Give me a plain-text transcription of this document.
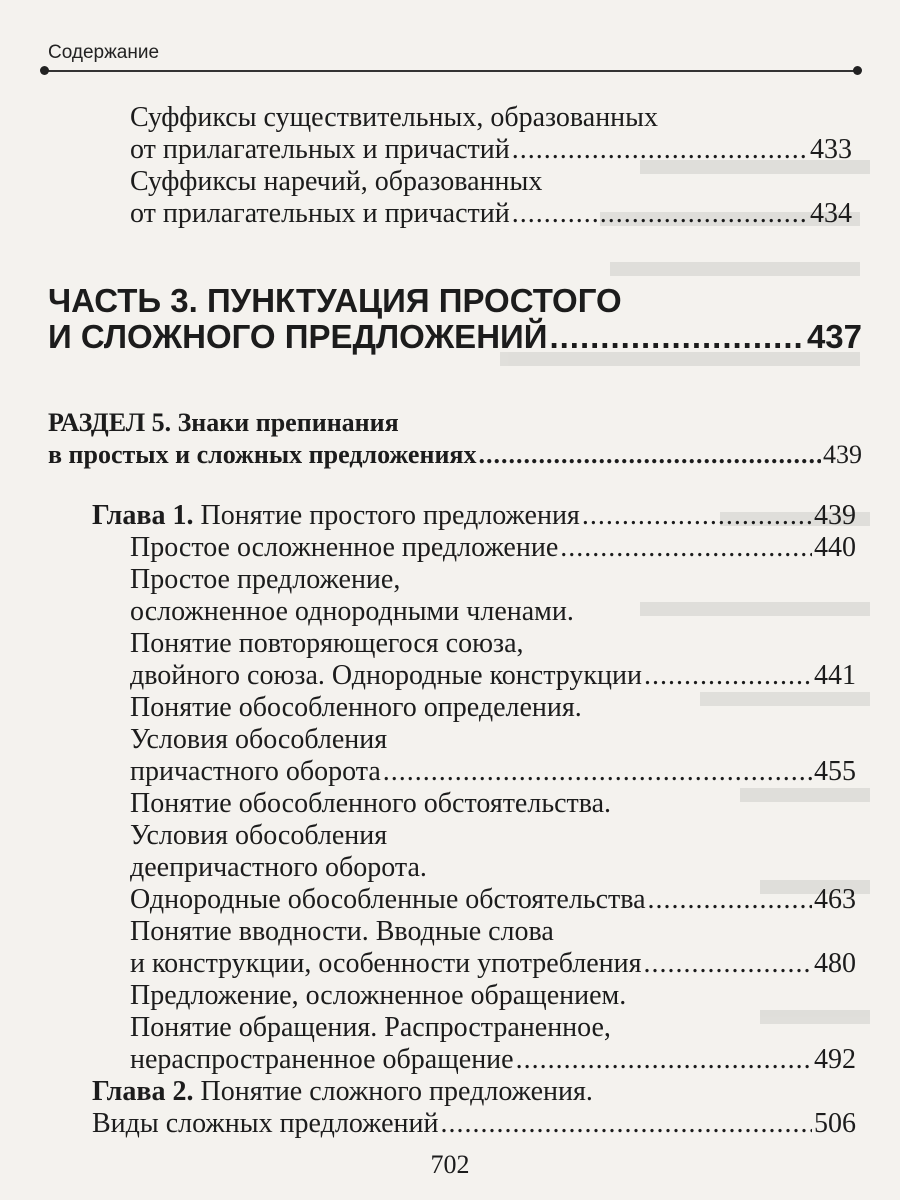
Содержание
Суффиксы существительных, образованных
от прилагательных и причастий .....	433
Суффиксы наречий, образованных
от прилагательных и причастий .....	434
ЧАСТЬ 3. ПУНКТУАЦИЯ ПРОСТОГО
И СЛОЖНОГО ПРЕДЛОЖЕНИЙ .....	437
РАЗДЕЛ 5. Знаки препинания
в простых и сложных предложениях .....	439
Глава 1. Понятие простого предложения .....	439
Простое осложненное предложение .....	440
Простое предложение,
осложненное однородными членами.
Понятие повторяющегося союза,
двойного союза. Однородные конструкции .....	441
Понятие обособленного определения.
Условия обособления
причастного оборота .....	455
Понятие обособленного обстоятельства.
Условия обособления
деепричастного оборота.
Однородные обособленные обстоятельства .....	463
Понятие вводности. Вводные слова
и конструкции, особенности употребления .....	480
Предложение, осложненное обращением.
Понятие обращения. Распространенное,
нераспространенное обращение .....	492
Глава 2. Понятие сложного предложения.
Виды сложных предложений .....	506
702
